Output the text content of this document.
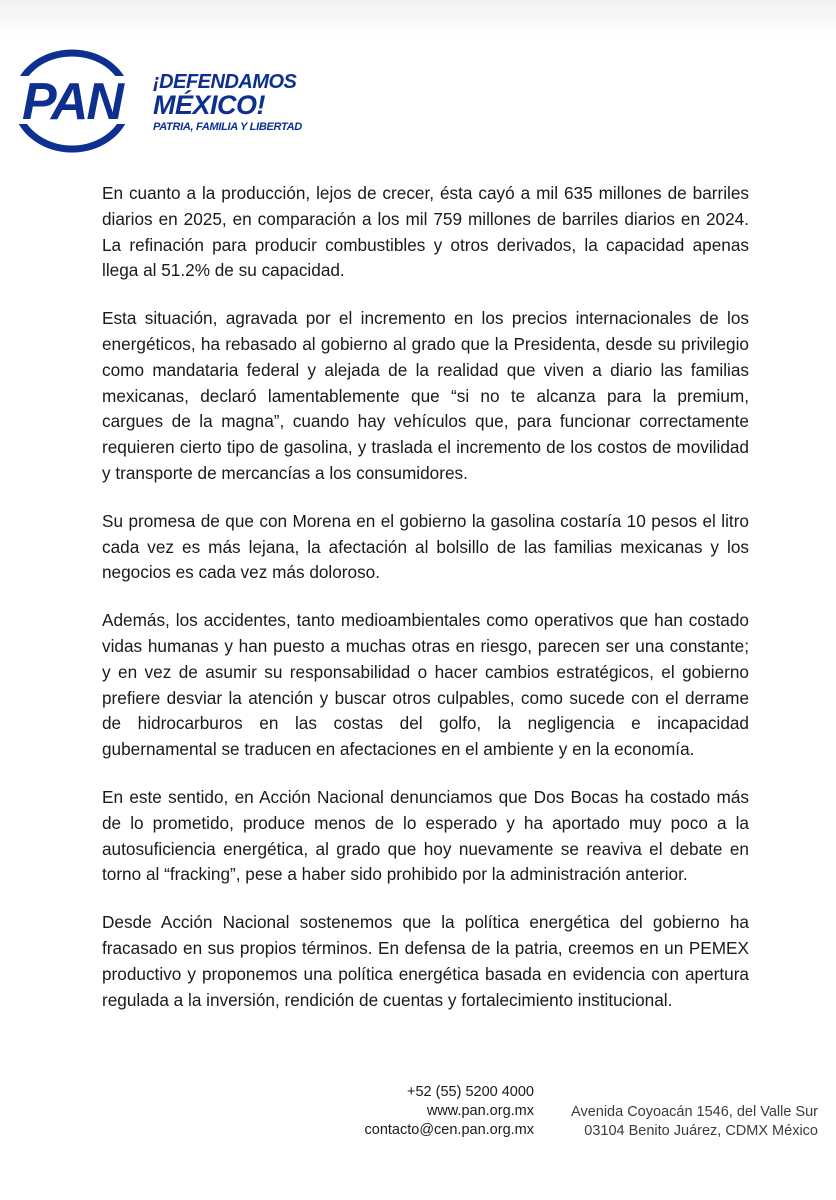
PAN ¡DEFENDAMOS
MÉXICO!
PATRIA, FAMILIA Y LIBERTAD

En cuanto a la producción, lejos de crecer, ésta cayó a mil 635 millones de barriles diarios en 2025, en comparación a los mil 759 millones de barriles diarios en 2024. La refinación para producir combustibles y otros derivados, la capacidad apenas llega al 51.2% de su capacidad.

Esta situación, agravada por el incremento en los precios internacionales de los energéticos, ha rebasado al gobierno al grado que la Presidenta, desde su privilegio como mandataria federal y alejada de la realidad que viven a diario las familias mexicanas, declaró lamentablemente que “si no te alcanza para la premium, cargues de la magna”, cuando hay vehículos que, para funcionar correctamente requieren cierto tipo de gasolina, y traslada el incremento de los costos de movilidad y transporte de mercancías a los consumidores.

Su promesa de que con Morena en el gobierno la gasolina costaría 10 pesos el litro cada vez es más lejana, la afectación al bolsillo de las familias mexicanas y los negocios es cada vez más doloroso.

Además, los accidentes, tanto medioambientales como operativos que han costado vidas humanas y han puesto a muchas otras en riesgo, parecen ser una constante; y en vez de asumir su responsabilidad o hacer cambios estratégicos, el gobierno prefiere desviar la atención y buscar otros culpables, como sucede con el derrame de hidrocarburos en las costas del golfo, la negligencia e incapacidad gubernamental se traducen en afectaciones en el ambiente y en la economía.

En este sentido, en Acción Nacional denunciamos que Dos Bocas ha costado más de lo prometido, produce menos de lo esperado y ha aportado muy poco a la autosuficiencia energética, al grado que hoy nuevamente se reaviva el debate en torno al “fracking”, pese a haber sido prohibido por la administración anterior.

Desde Acción Nacional sostenemos que la política energética del gobierno ha fracasado en sus propios términos. En defensa de la patria, creemos en un PEMEX productivo y proponemos una política energética basada en evidencia con apertura regulada a la inversión, rendición de cuentas y fortalecimiento institucional.

+52 (55) 5200 4000
www.pan.org.mx
contacto@cen.pan.org.mx
Avenida Coyoacán 1546, del Valle Sur
03104 Benito Juárez, CDMX México
